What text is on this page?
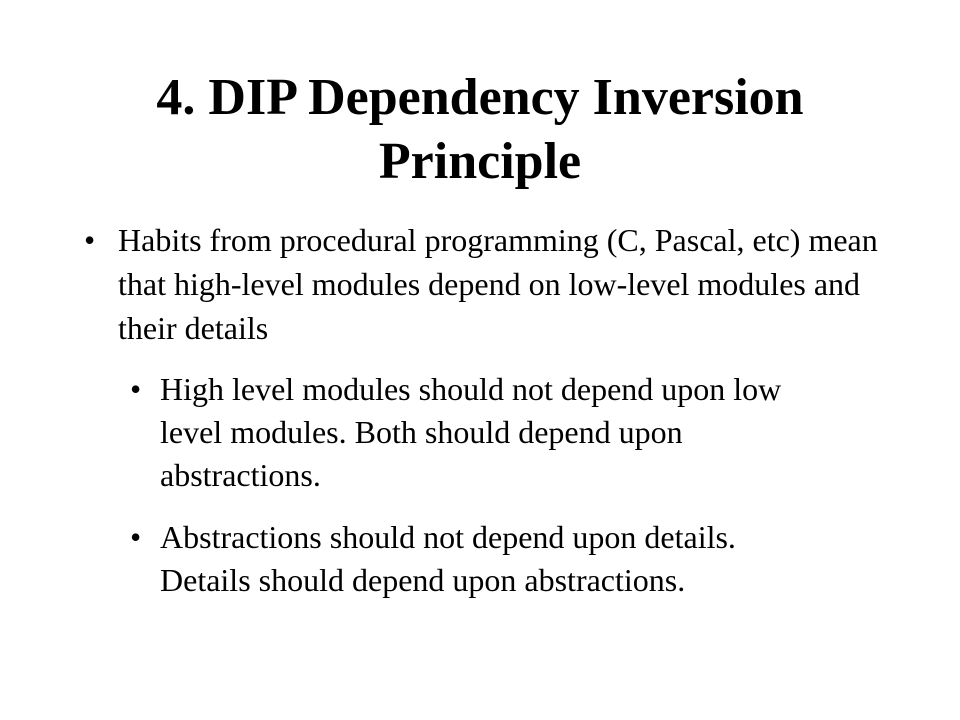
4. DIP Dependency Inversion Principle
• Habits from procedural programming (C, Pascal, etc) mean that high-level modules depend on low-level modules and their details
• High level modules should not depend upon low level modules. Both should depend upon abstractions.
• Abstractions should not depend upon details. Details should depend upon abstractions.
